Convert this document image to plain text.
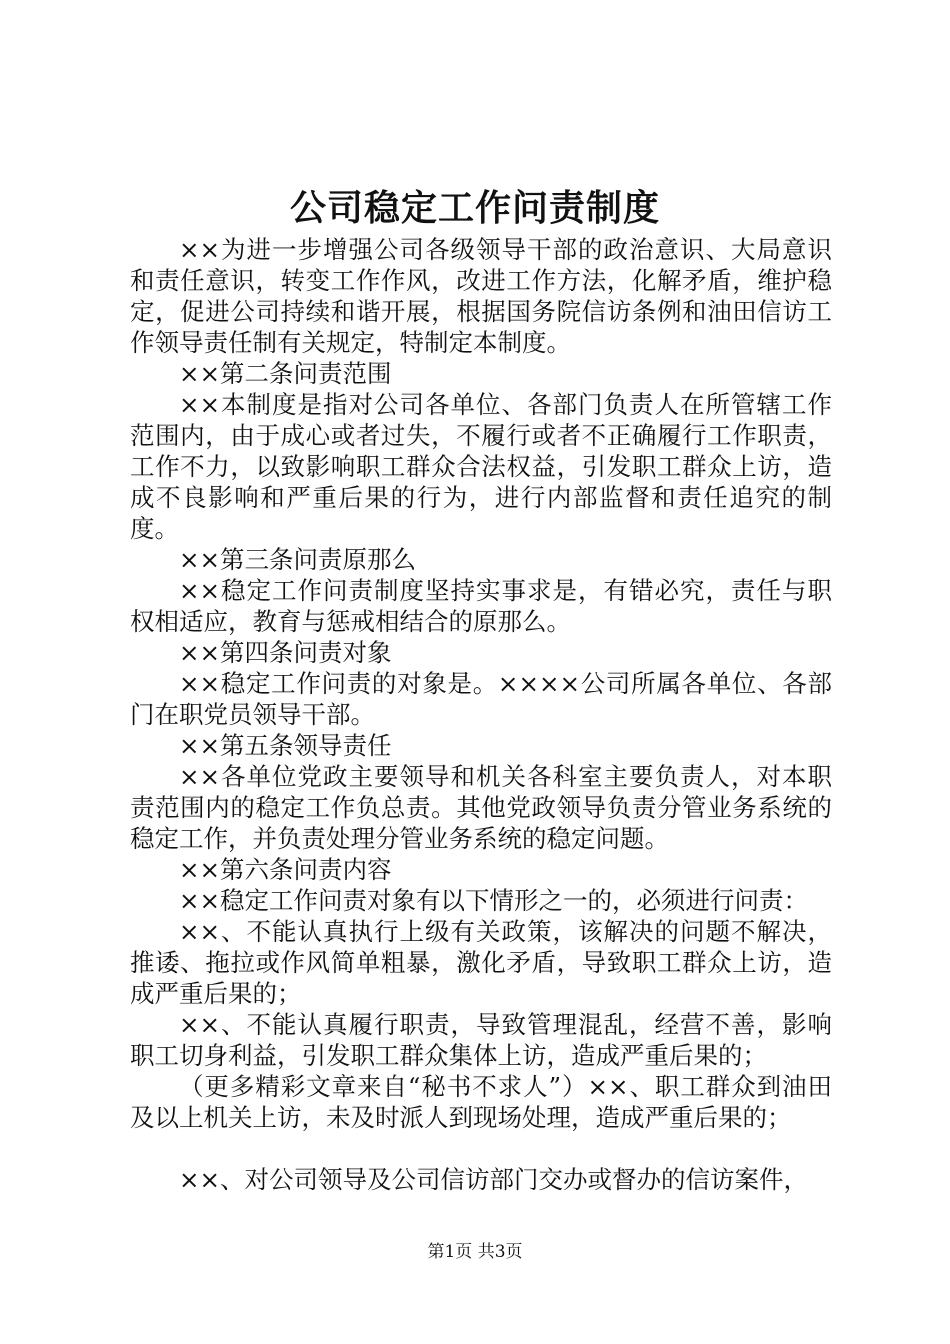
公司稳定工作问责制度

××为进一步增强公司各级领导干部的政治意识、大局意识和责任意识，转变工作作风，改进工作方法，化解矛盾，维护稳定，促进公司持续和谐开展，根据国务院信访条例和油田信访工作领导责任制有关规定，特制定本制度。

××第二条问责范围

××本制度是指对公司各单位、各部门负责人在所管辖工作范围内，由于成心或者过失，不履行或者不正确履行工作职责，工作不力，以致影响职工群众合法权益，引发职工群众上访，造成不良影响和严重后果的行为，进行内部监督和责任追究的制度。

××第三条问责原那么

××稳定工作问责制度坚持实事求是，有错必究，责任与职权相适应，教育与惩戒相结合的原那么。

××第四条问责对象

××稳定工作问责的对象是。××××公司所属各单位、各部门在职党员领导干部。

××第五条领导责任

××各单位党政主要领导和机关各科室主要负责人，对本职责范围内的稳定工作负总责。其他党政领导负责分管业务系统的稳定工作，并负责处理分管业务系统的稳定问题。

××第六条问责内容

××稳定工作问责对象有以下情形之一的，必须进行问责：

××、不能认真执行上级有关政策，该解决的问题不解决，推诿、拖拉或作风简单粗暴，激化矛盾，导致职工群众上访，造成严重后果的；

××、不能认真履行职责，导致管理混乱，经营不善，影响职工切身利益，引发职工群众集体上访，造成严重后果的；

（更多精彩文章来自“秘书不求人”）××、职工群众到油田及以上机关上访，未及时派人到现场处理，造成严重后果的；

××、对公司领导及公司信访部门交办或督办的信访案件，

第1页 共3页
